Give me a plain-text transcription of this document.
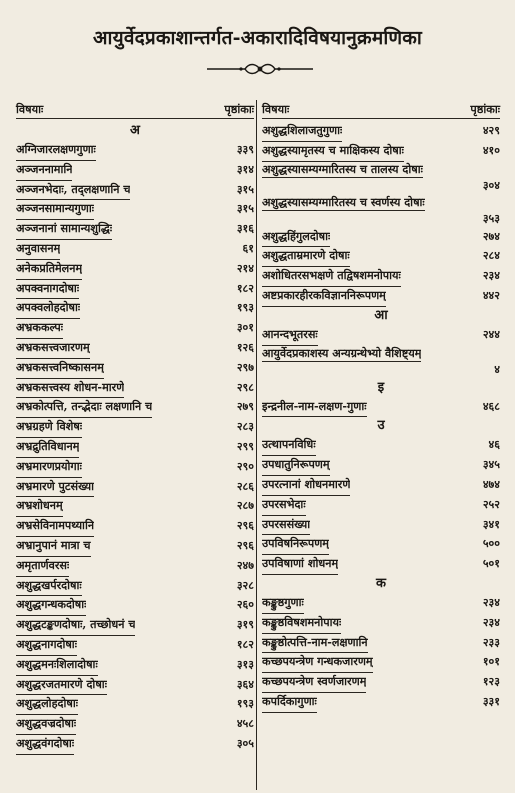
आयुर्वेदप्रकाशान्तर्गत-अकारादिविषयानुक्रमणिका
विषयाः	पृष्ठांकाः
अ
अग्निजारलक्षणगुणाः	३३९
अञ्जननामानि	३१४
अञ्जनभेदाः, तद्लक्षणानि च	३१५
अञ्जनसामान्यगुणाः	३१५
अञ्जनानां सामान्यशुद्धिः	३१६
अनुवासनम्	६१
अनेकप्रतिमेलनम्	२१४
अपक्वनागदोषाः	१८२
अपक्वलोहदोषाः	१९३
अभ्रककल्पः	३०१
अभ्रकसत्त्वजारणम्	१२६
अभ्रकसत्त्वनिष्कासनम्	२९७
अभ्रकसत्त्वस्य शोधन-मारणे	२९८
अभ्रकोत्पत्ति, तन्द्भेदाः लक्षणानि च	२७९
अभ्रग्रहणे विशेषः	२८३
अभ्रद्रुतिविधानम्	२९९
अभ्रमारणप्रयोगाः	२९०
अभ्रमारणे पुटसंख्या	२८६
अभ्रशोधनम्	२८७
अभ्रसेविनामपथ्यानि	२९६
अभ्रानुपानं मात्रा च	२९६
अमृतार्णवरसः	२४७
अशुद्धखर्परदोषाः	३२८
अशुद्धगन्धकदोषाः	२६०
अशुद्धटङ्कणदोषाः, तच्छोधनं च	३१९
अशुद्धनागदोषाः	१८२
अशुद्धमनःशिलादोषाः	३१३
अशुद्धरजतमारणे दोषाः	३६४
अशुद्धलोहदोषाः	१९३
अशुद्धवज्रदोषाः	४५८
अशुद्धवंगदोषाः	३०५
विषयाः	पृष्ठांकाः
अशुद्धशिलाजतुगुणाः	४२९
अशुद्धस्यामृतस्य च माक्षिकस्य दोषाः	४१०
अशुद्धस्यासम्यग्मारितस्य च तालस्य दोषाः
३०४
अशुद्धस्यासम्यग्मारितस्य च स्वर्णस्य दोषाः
३५३
अशुद्धहिंगुलदोषाः	२७४
अशुद्धताम्रमारणे दोषाः	२८४
अशोधितरसभक्षणे तद्विषशमनोपायः	२३४
अष्टप्रकारहीरकविज्ञाननिरूपणम्	४४२
आ
आनन्दभूतरसः	२४४
आयुर्वेदप्रकाशस्य अन्यग्रन्थेभ्यो वैशिष्ट्यम्
४
इ
इन्द्रनील-नाम-लक्षण-गुणाः	४६८
उ
उत्थापनविधिः	४६
उपधातुनिरूपणम्	३४५
उपरत्नानां शोधनमारणे	४७४
उपरसभेदाः	२५२
उपरससंख्या	३४१
उपविषनिरूपणम्	५००
उपविषाणां शोधनम्	५०१
क
कङ्कुष्ठगुणाः	२३४
कङ्कुष्ठविषशमनोपायः	२३४
कङ्कुष्ठोत्पत्ति-नाम-लक्षणानि	२३३
कच्छपयन्त्रेण गन्धकजारणम्	१०१
कच्छपयन्त्रेण स्वर्णजारणम्	१२३
कपर्दिकागुणाः	३३१
